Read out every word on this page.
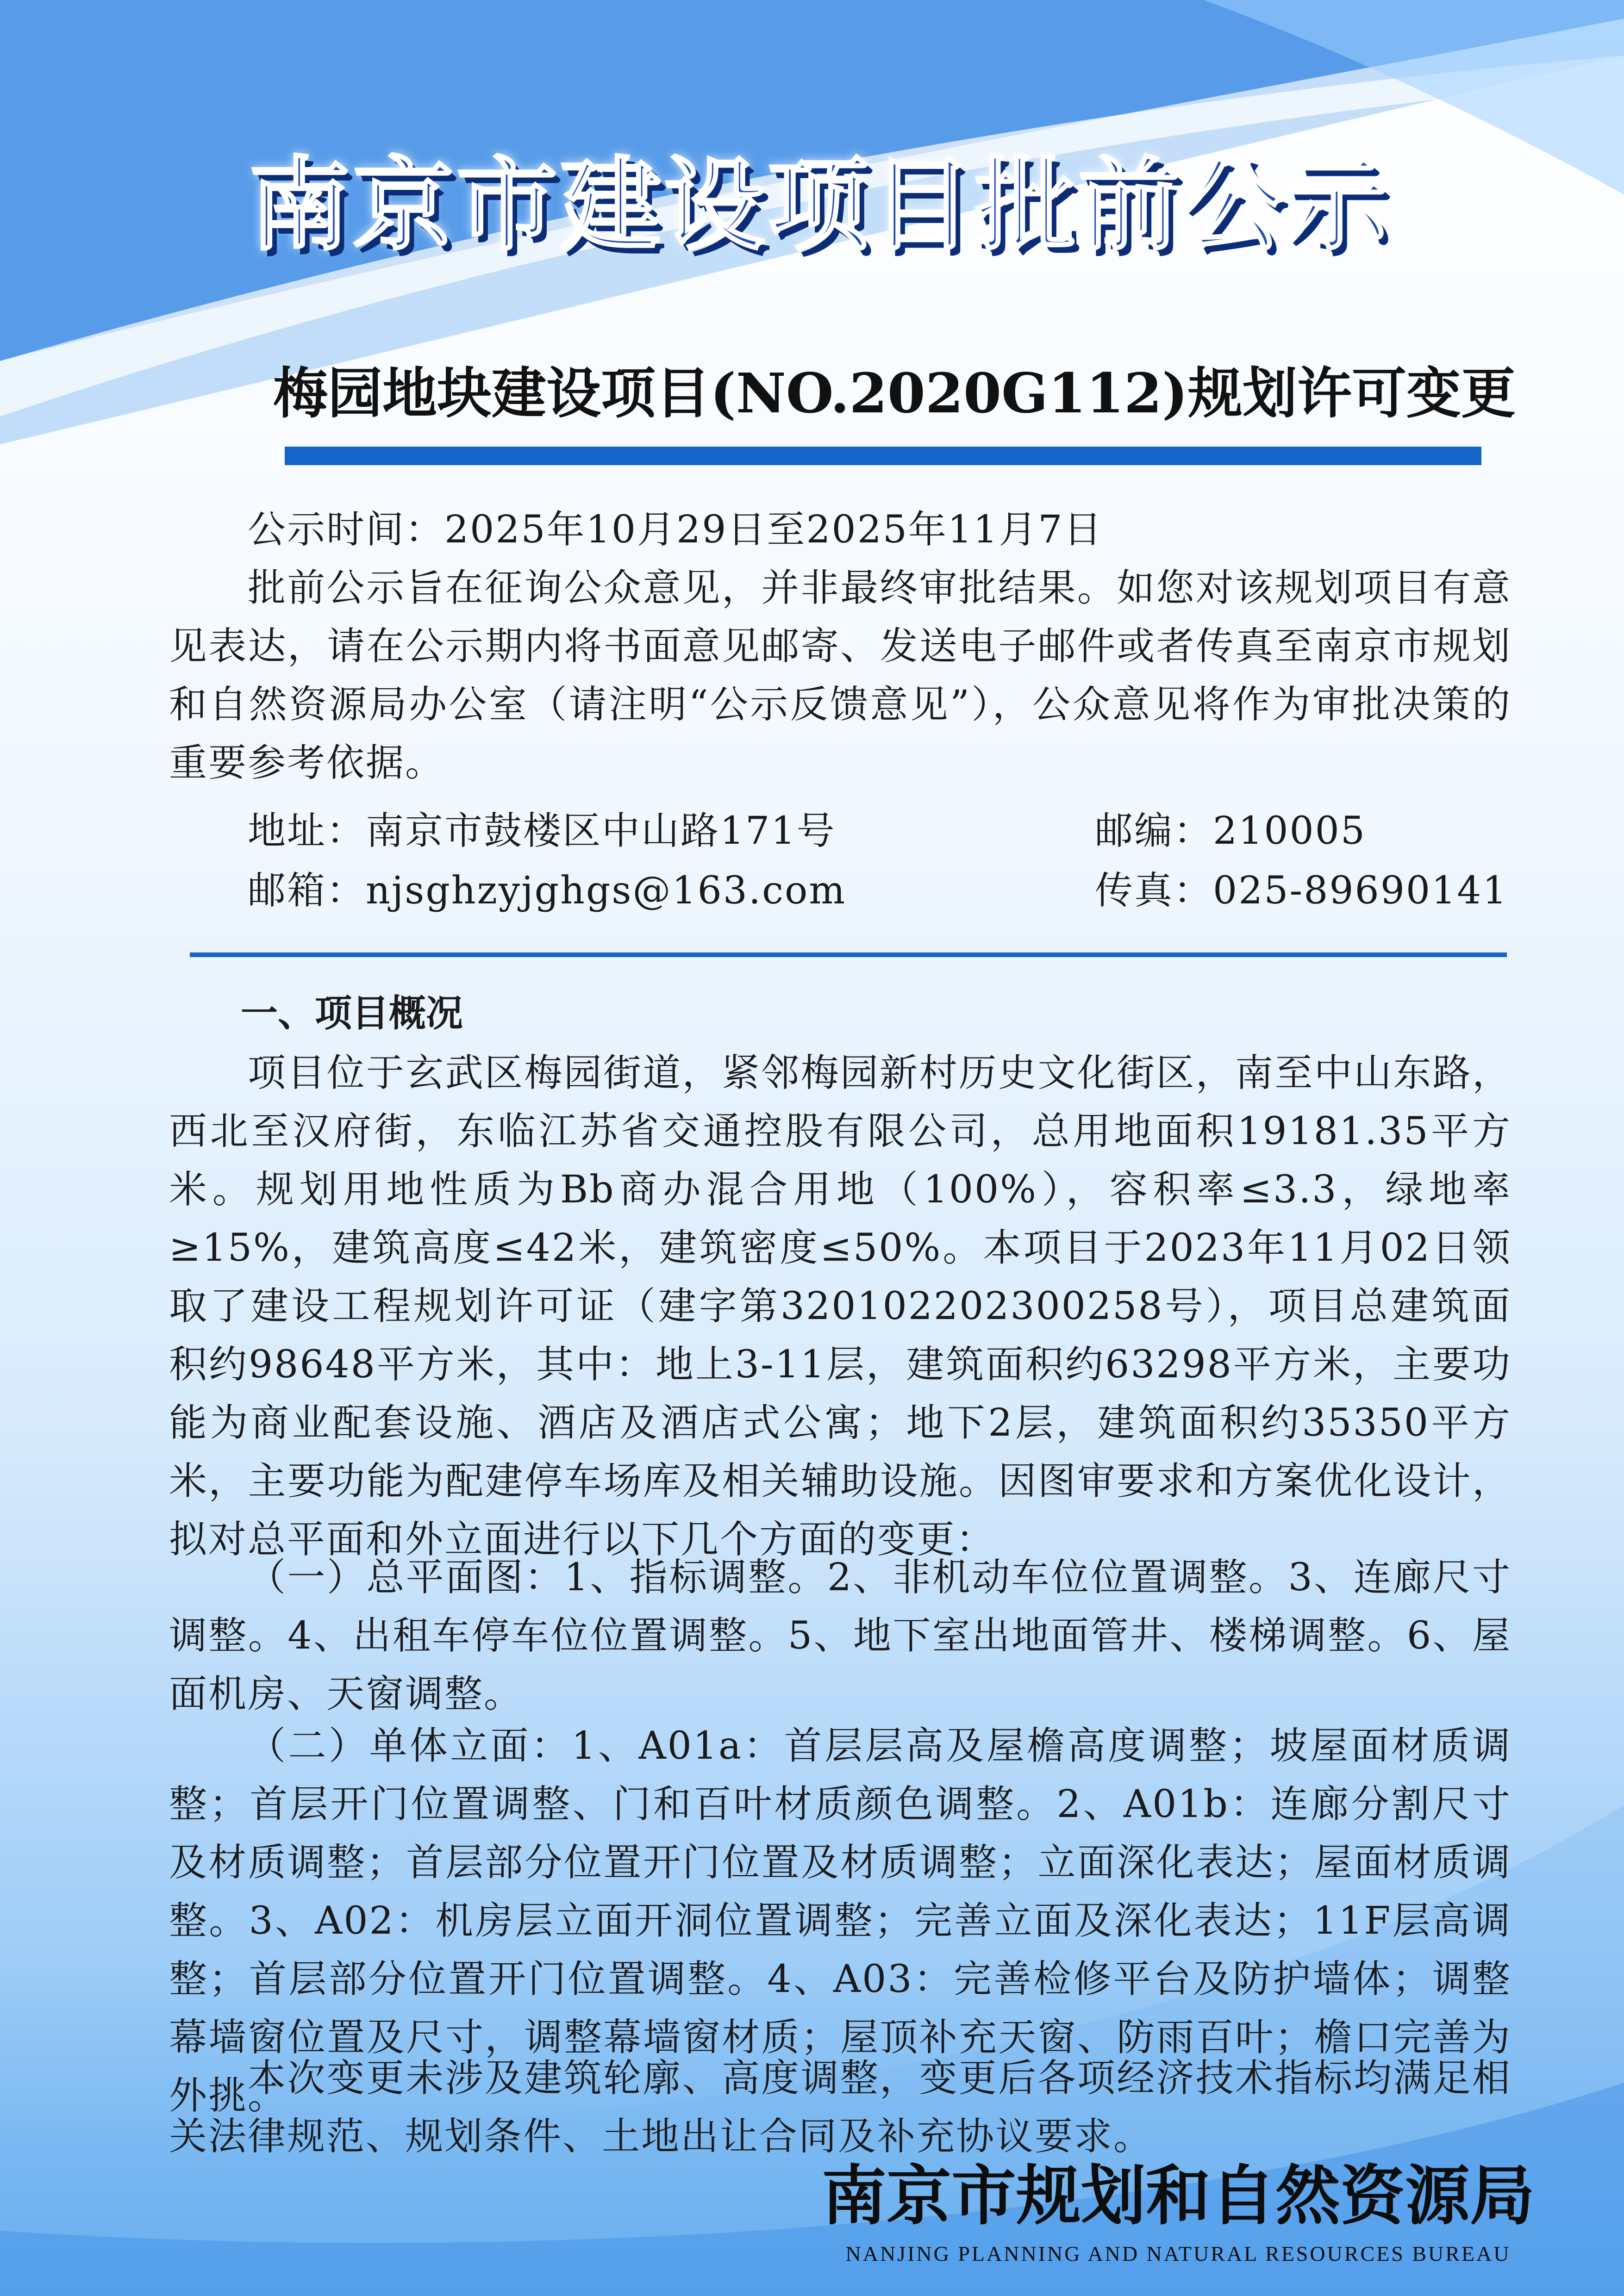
南京市建设项目批前公示
梅园地块建设项目(NO.2020G112)规划许可变更
公示时间：2025年10月29日至2025年11月7日

批前公示旨在征询公众意见，并非最终审批结果。如您对该规划项目有意见表达，请在公示期内将书面意见邮寄、发送电子邮件或者传真至南京市规划和自然资源局办公室（请注明“公示反馈意见”），公众意见将作为审批决策的重要参考依据。

地址：南京市鼓楼区中山路171号	邮编：210005
邮箱：njsghzyjghgs@163.com	传真：025-89690141
一、项目概况

项目位于玄武区梅园街道，紧邻梅园新村历史文化街区，南至中山东路，西北至汉府街，东临江苏省交通控股有限公司，总用地面积19181.35平方米。规划用地性质为Bb商办混合用地（100%），容积率≤3.3，绿地率≥15%，建筑高度≤42米，建筑密度≤50%。本项目于2023年11月02日领取了建设工程规划许可证（建字第320102202300258号），项目总建筑面积约98648平方米，其中：地上3-11层，建筑面积约63298平方米，主要功能为商业配套设施、酒店及酒店式公寓；地下2层，建筑面积约35350平方米，主要功能为配建停车场库及相关辅助设施。因图审要求和方案优化设计，拟对总平面和外立面进行以下几个方面的变更：

（一）总平面图：1、指标调整。2、非机动车位位置调整。3、连廊尺寸调整。4、出租车停车位位置调整。5、地下室出地面管井、楼梯调整。6、屋面机房、天窗调整。

（二）单体立面：1、A01a：首层层高及屋檐高度调整；坡屋面材质调整；首层开门位置调整、门和百叶材质颜色调整。2、A01b：连廊分割尺寸及材质调整；首层部分位置开门位置及材质调整；立面深化表达；屋面材质调整。3、A02：机房层立面开洞位置调整；完善立面及深化表达；11F层高调整；首层部分位置开门位置调整。4、A03：完善检修平台及防护墙体；调整幕墙窗位置及尺寸，调整幕墙窗材质；屋顶补充天窗、防雨百叶；檐口完善为外挑。

本次变更未涉及建筑轮廓、高度调整，变更后各项经济技术指标均满足相关法律规范、规划条件、土地出让合同及补充协议要求。

南京市规划和自然资源局
NANJING PLANNING AND NATURAL RESOURCES BUREAU
